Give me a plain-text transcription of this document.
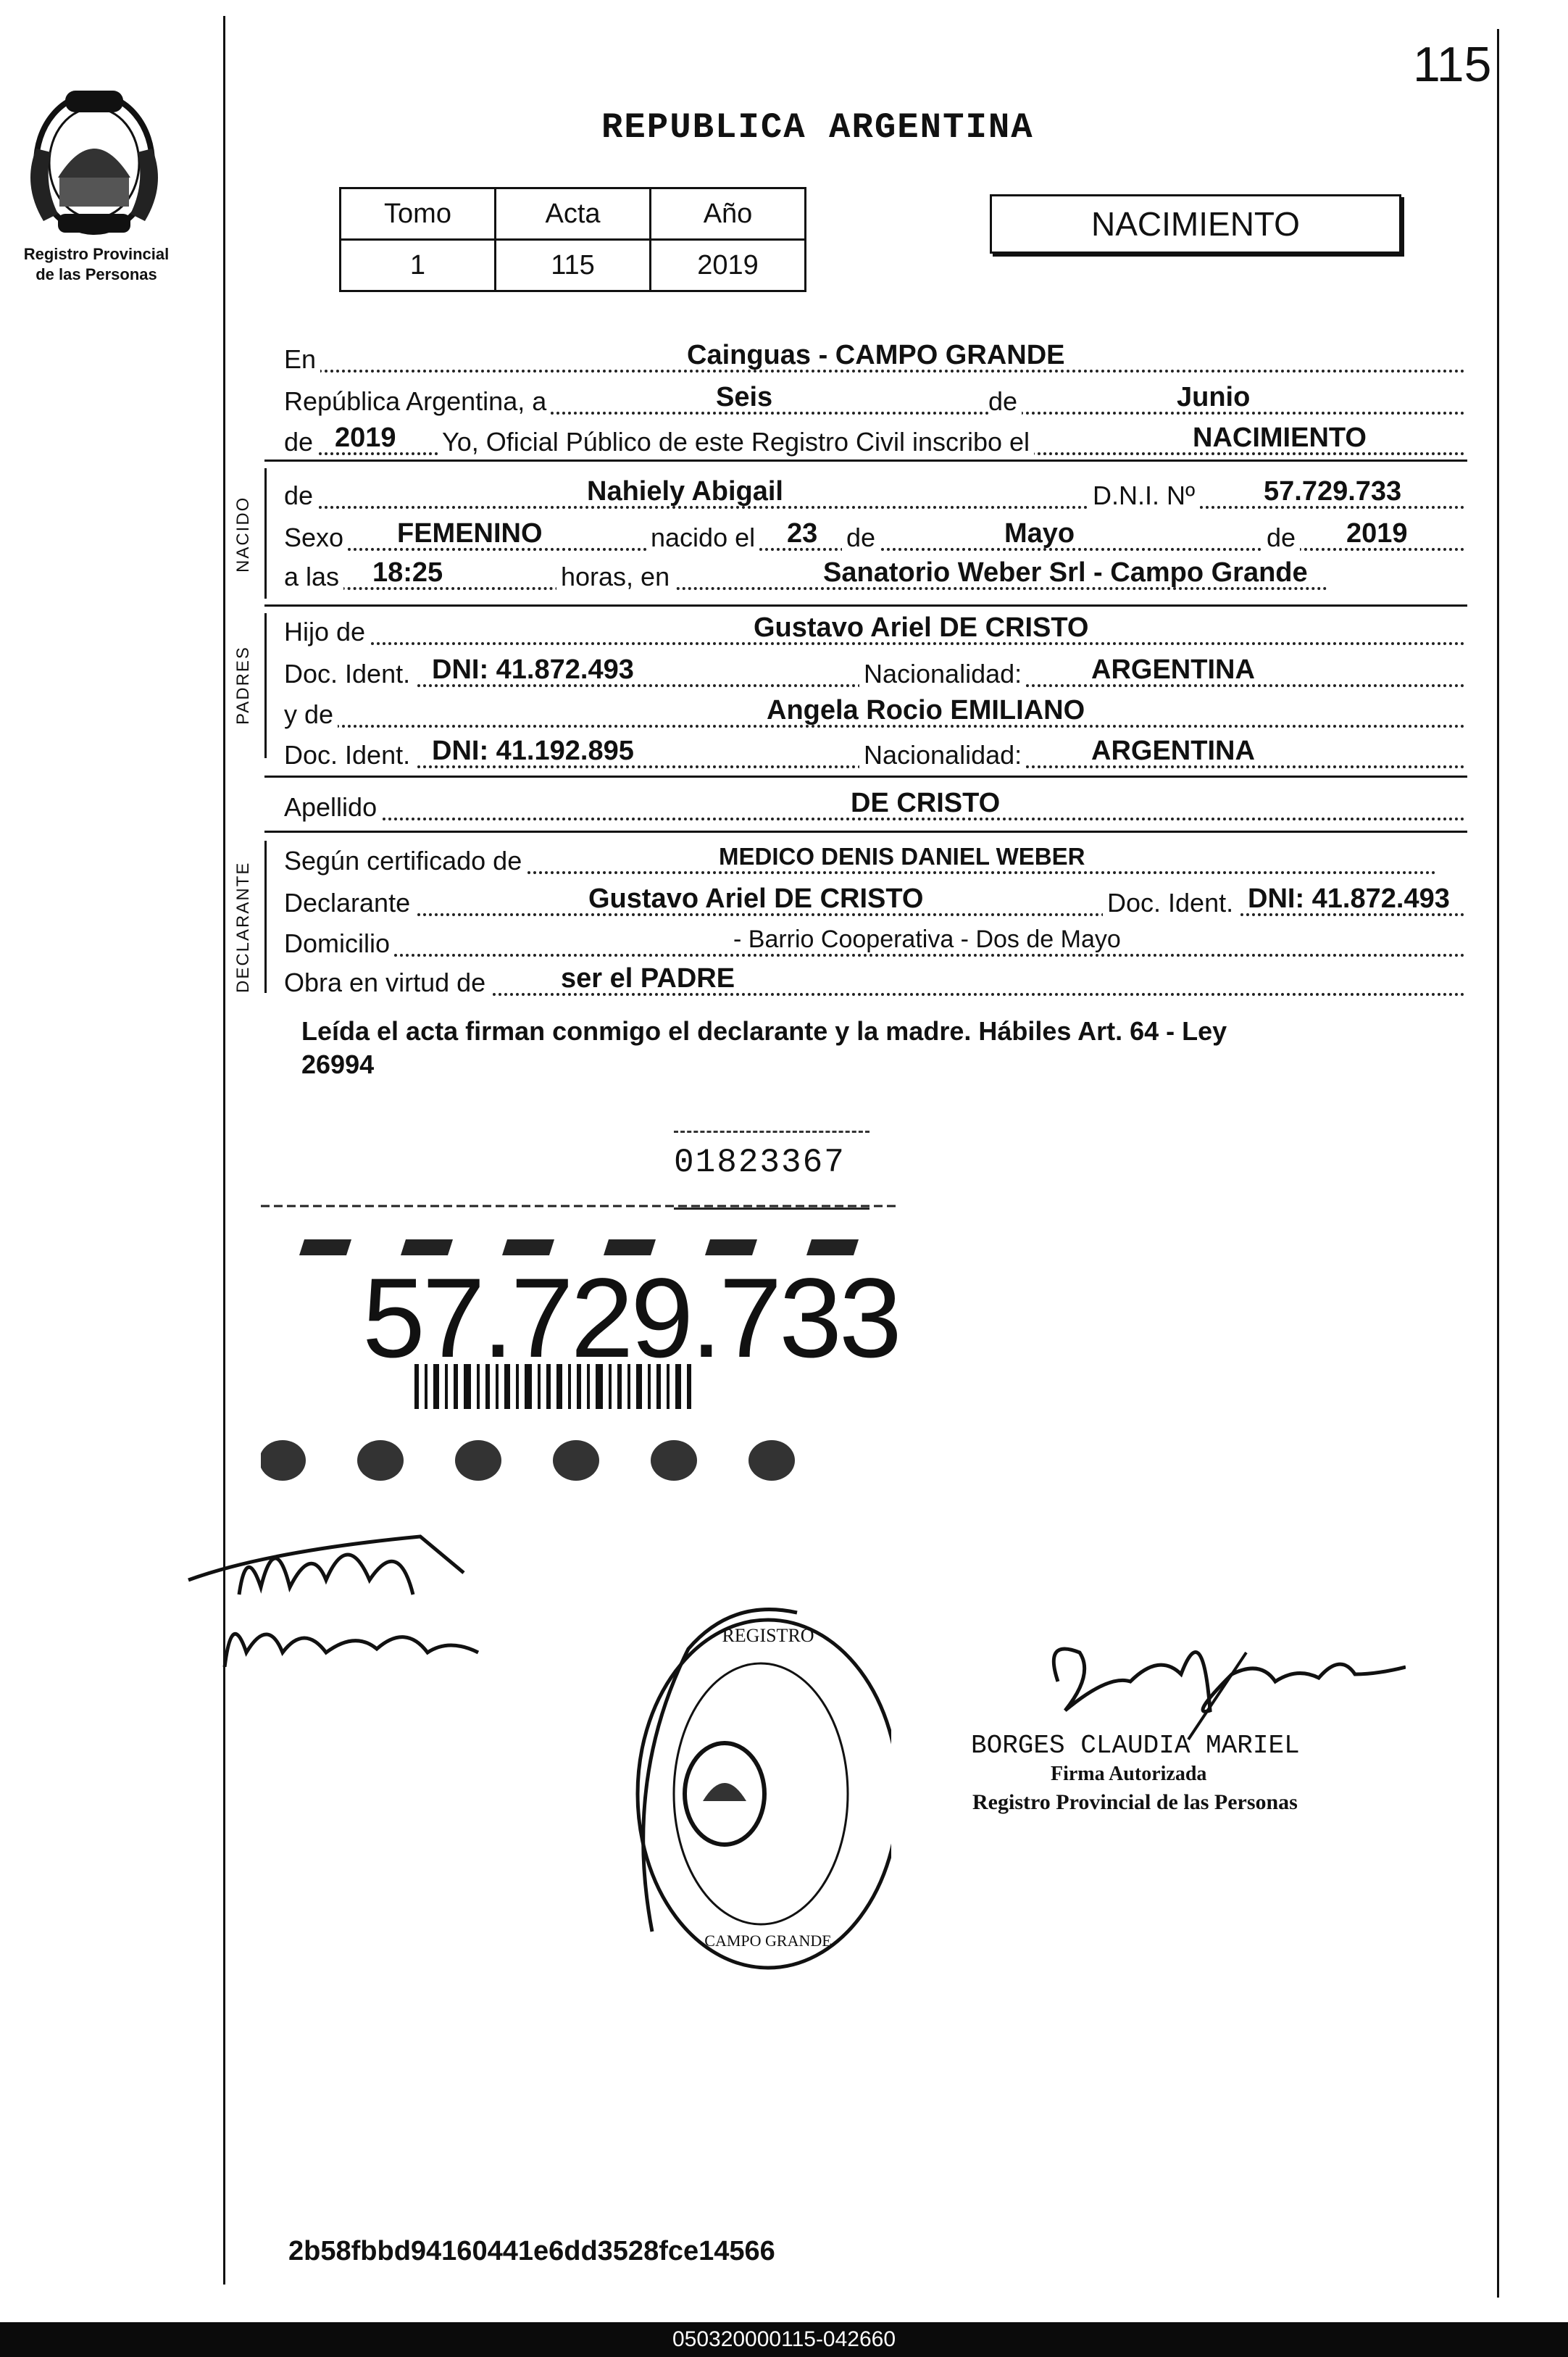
115
Registro Provincial
de las Personas
REPUBLICA ARGENTINA
Tomo	Acta	Año
1	115	2019
NACIMIENTO
En	Cainguas - CAMPO GRANDE
República Argentina, a	Seis	de	Junio
de 2019 Yo, Oficial Público de este Registro Civil inscribo el	NACIMIENTO
NACIDO
de	Nahiely Abigail	D.N.I. Nº 57.729.733
Sexo FEMENINO	nacido el 23 de	Mayo	de 2019
a las 18:25	horas, en	Sanatorio Weber Srl - Campo Grande
PADRES
Hijo de	Gustavo Ariel DE CRISTO
Doc. Ident. DNI: 41.872.493	Nacionalidad:	ARGENTINA
y de	Angela Rocio EMILIANO
Doc. Ident. DNI: 41.192.895	Nacionalidad:	ARGENTINA
Apellido	DE CRISTO
DECLARANTE
Según certificado de	MEDICO DENIS DANIEL WEBER
Declarante	Gustavo Ariel DE CRISTO	Doc. Ident. DNI: 41.872.493
Domicilio	- Barrio Cooperativa - Dos de Mayo
Obra en virtud de	ser el PADRE
Leída el acta firman conmigo el declarante y la madre. Hábiles Art. 64 - Ley
26994
01823367
57.729.733
REGISTRO
CAMPO GRANDE
BORGES CLAUDIA MARIEL
Firma Autorizada
Registro Provincial de las Personas
2b58fbbd94160441e6dd3528fce14566
050320000115-042660
